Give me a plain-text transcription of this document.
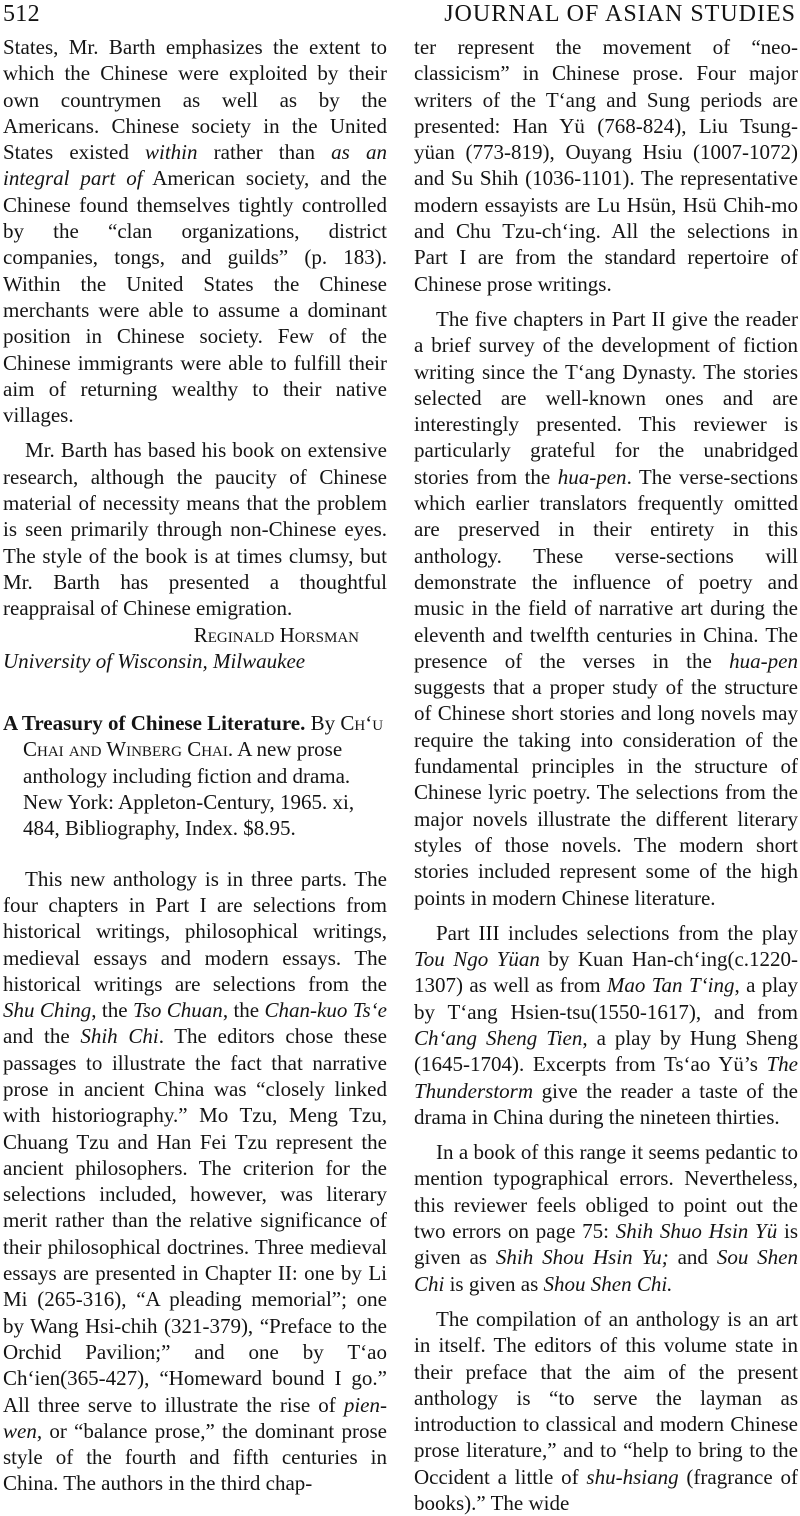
512	JOURNAL OF ASIAN STUDIES

States, Mr. Barth emphasizes the extent to which the Chinese were exploited by their own countrymen as well as by the Americans. Chinese society in the United States existed within rather than as an integral part of American society, and the Chinese found themselves tightly controlled by the “clan organizations, district companies, tongs, and guilds” (p. 183). Within the United States the Chinese merchants were able to assume a dominant position in Chinese society. Few of the Chinese immigrants were able to fulfill their aim of returning wealthy to their native villages.

Mr. Barth has based his book on extensive research, although the paucity of Chinese material of necessity means that the problem is seen primarily through non-Chinese eyes. The style of the book is at times clumsy, but Mr. Barth has presented a thoughtful reappraisal of Chinese emigration.

Reginald Horsman

University of Wisconsin, Milwaukee

A Treasury of Chinese Literature. By Ch‘u Chai and Winberg Chai. A new prose anthology including fiction and drama. New York: Appleton-Century, 1965. xi, 484, Bibliography, Index. $8.95.

This new anthology is in three parts. The four chapters in Part I are selections from historical writings, philosophical writings, medieval essays and modern essays. The historical writings are selections from the Shu Ching, the Tso Chuan, the Chan-kuo Ts‘e and the Shih Chi. The editors chose these passages to illustrate the fact that narrative prose in ancient China was “closely linked with historiography.” Mo Tzu, Meng Tzu, Chuang Tzu and Han Fei Tzu represent the ancient philosophers. The criterion for the selections included, however, was literary merit rather than the relative significance of their philosophical doctrines. Three medieval essays are presented in Chapter II: one by Li Mi (265-316), “A pleading memorial”; one by Wang Hsi-chih (321-379), “Preface to the Orchid Pavilion;” and one by T‘ao Ch‘ien(365-427), “Homeward bound I go.” All three serve to illustrate the rise of pien-wen, or “balance prose,” the dominant prose style of the fourth and fifth centuries in China. The authors in the third chap-

ter represent the movement of “neo-classicism” in Chinese prose. Four major writers of the T‘ang and Sung periods are presented: Han Yü (768-824), Liu Tsung-yüan (773-819), Ouyang Hsiu (1007-1072) and Su Shih (1036-1101). The representative modern essayists are Lu Hsün, Hsü Chih-mo and Chu Tzu-ch‘ing. All the selections in Part I are from the standard repertoire of Chinese prose writings.

The five chapters in Part II give the reader a brief survey of the development of fiction writing since the T‘ang Dynasty. The stories selected are well-known ones and are interestingly presented. This reviewer is particularly grateful for the unabridged stories from the hua-pen. The verse-sections which earlier translators frequently omitted are preserved in their entirety in this anthology. These verse-sections will demonstrate the influence of poetry and music in the field of narrative art during the eleventh and twelfth centuries in China. The presence of the verses in the hua-pen suggests that a proper study of the structure of Chinese short stories and long novels may require the taking into consideration of the fundamental principles in the structure of Chinese lyric poetry. The selections from the major novels illustrate the different literary styles of those novels. The modern short stories included represent some of the high points in modern Chinese literature.

Part III includes selections from the play Tou Ngo Yüan by Kuan Han-ch‘ing(c.1220-1307) as well as from Mao Tan T‘ing, a play by T‘ang Hsien-tsu(1550-1617), and from Ch‘ang Sheng Tien, a play by Hung Sheng (1645-1704). Excerpts from Ts‘ao Yü’s The Thunderstorm give the reader a taste of the drama in China during the nineteen thirties.

In a book of this range it seems pedantic to mention typographical errors. Nevertheless, this reviewer feels obliged to point out the two errors on page 75: Shih Shuo Hsin Yü is given as Shih Shou Hsin Yu; and Sou Shen Chi is given as Shou Shen Chi.

The compilation of an anthology is an art in itself. The editors of this volume state in their preface that the aim of the present anthology is “to serve the layman as introduction to classical and modern Chinese prose literature,” and to “help to bring to the Occident a little of shu-hsiang (fragrance of books).” The wide
